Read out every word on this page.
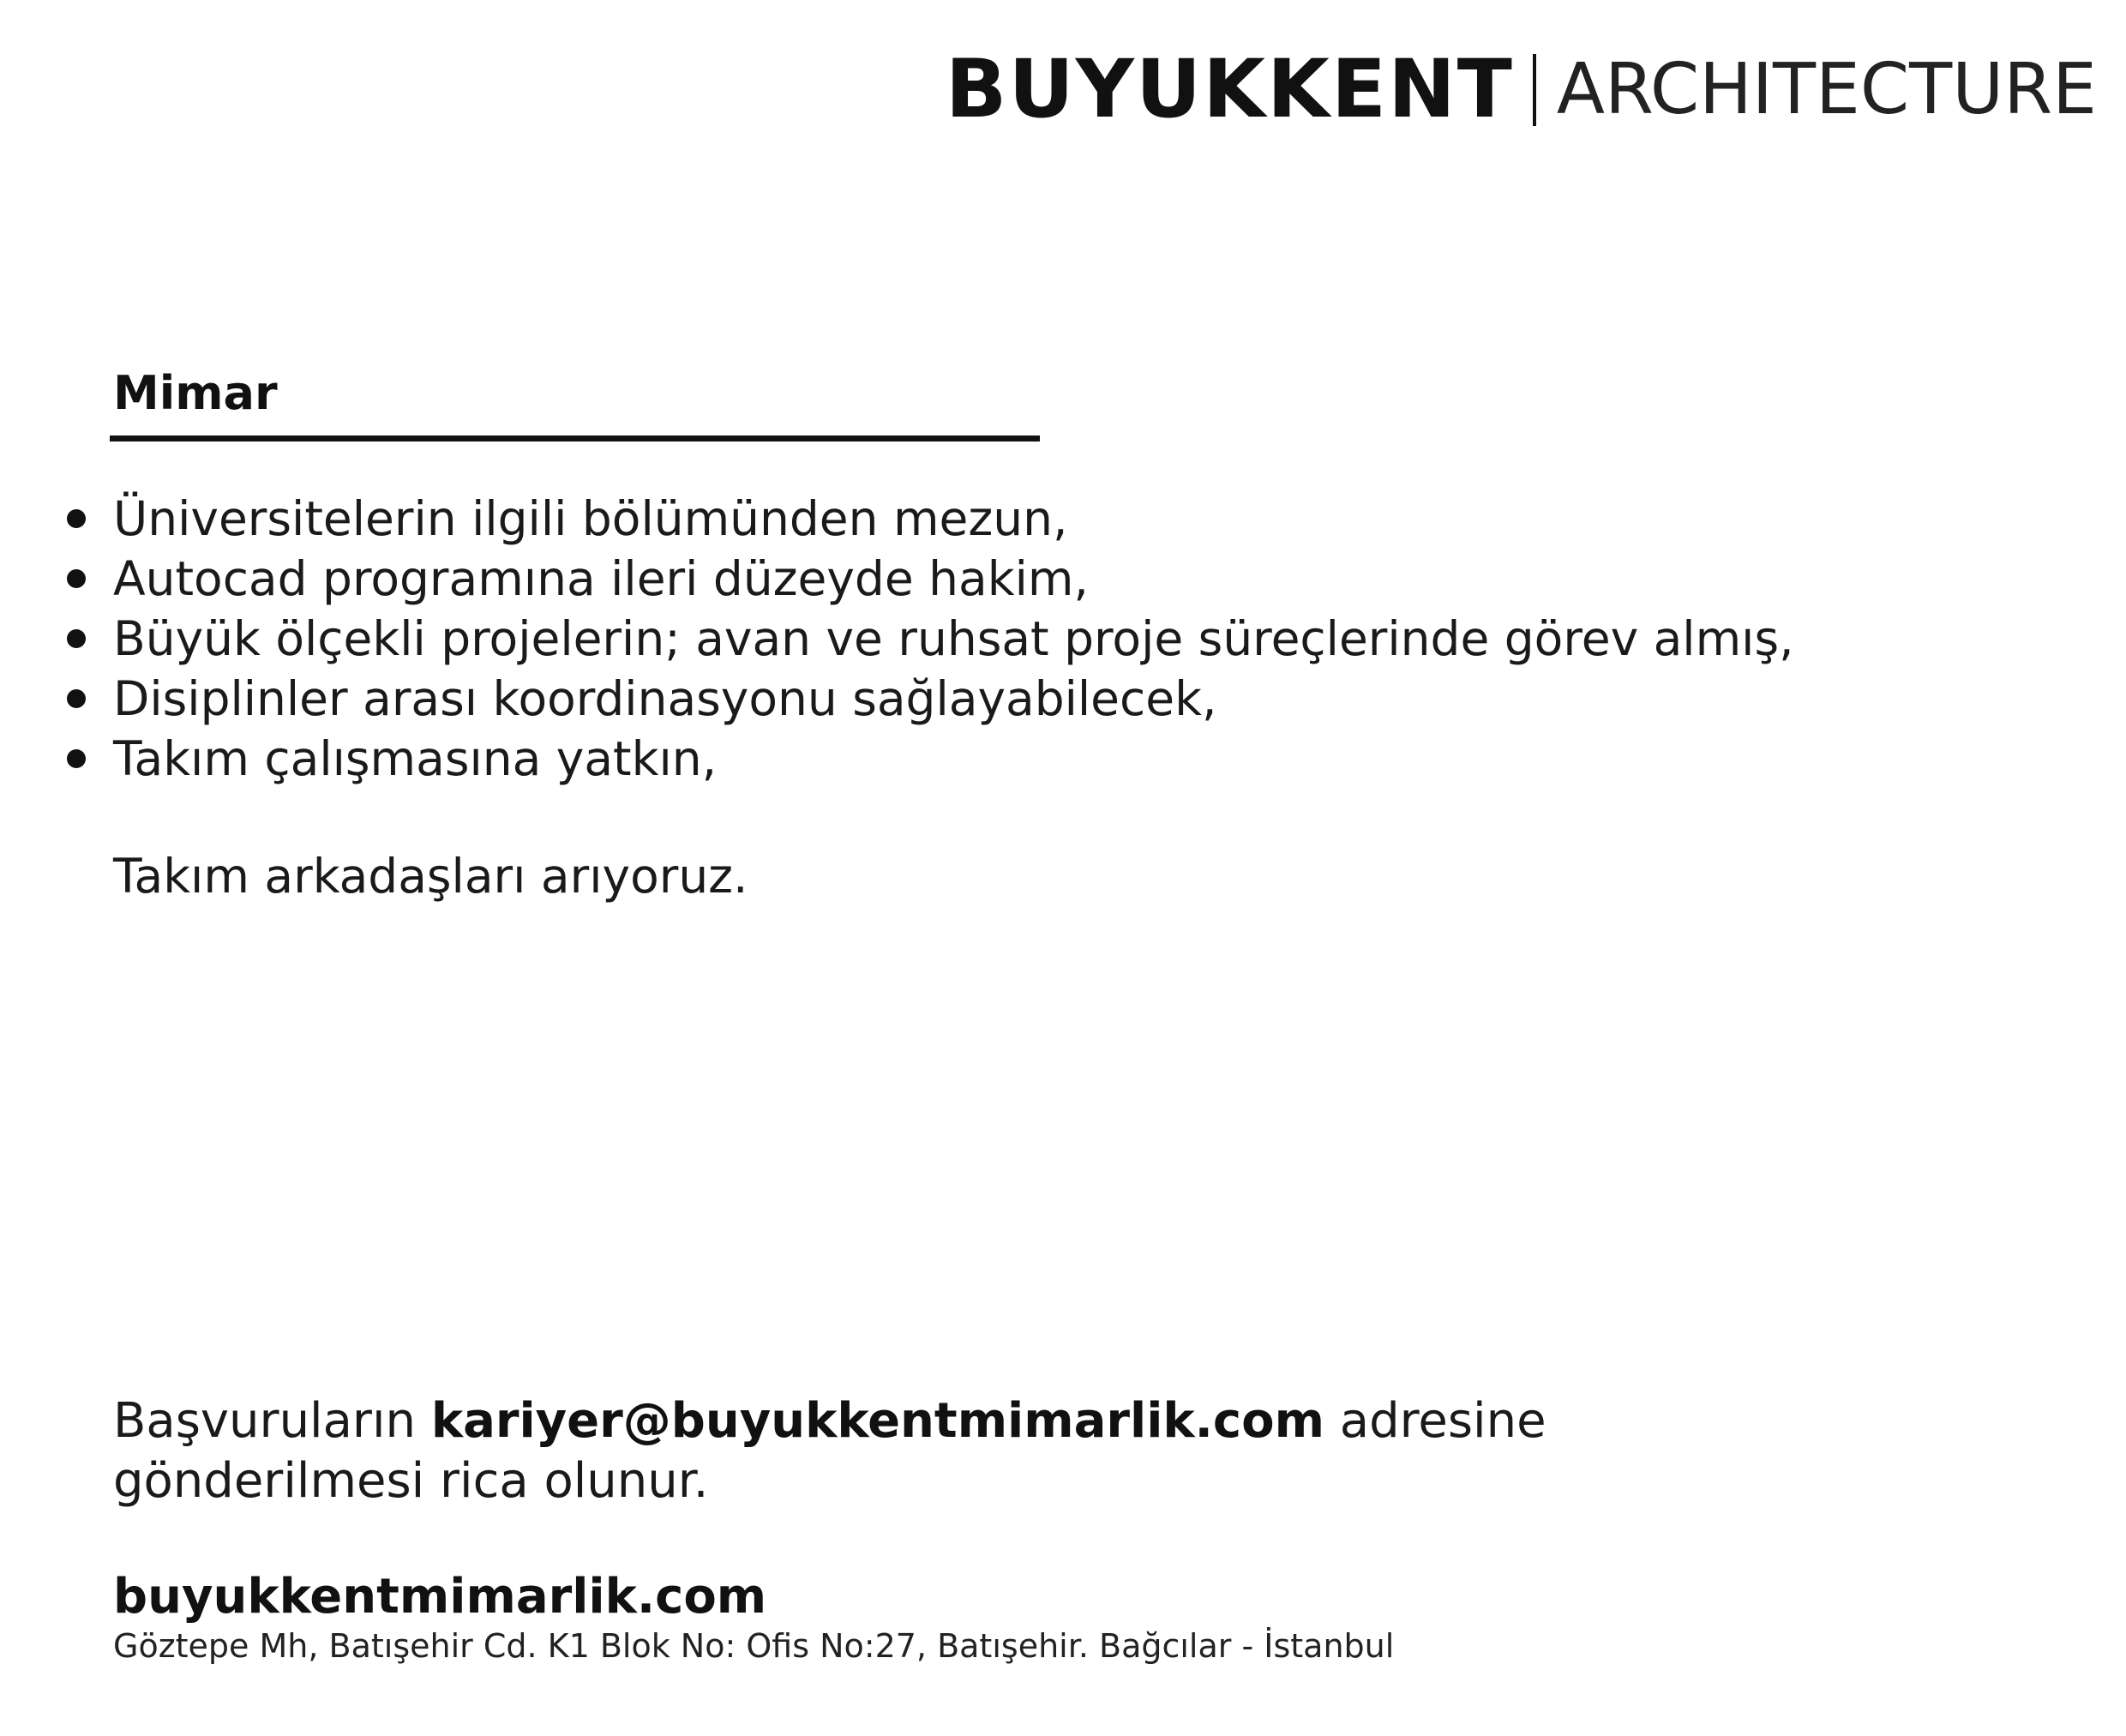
BUYUKKENT ARCHITECTURE
Mimar
Üniversitelerin ilgili bölümünden mezun,
Autocad programına ileri düzeyde hakim,
Büyük ölçekli projelerin; avan ve ruhsat proje süreçlerinde görev almış,
Disiplinler arası koordinasyonu sağlayabilecek,
Takım çalışmasına yatkın,
Takım arkadaşları arıyoruz.
Başvuruların kariyer@buyukkentmimarlik.com adresine
gönderilmesi rica olunur.
buyukkentmimarlik.com
Göztepe Mh, Batışehir Cd. K1 Blok No: Ofis No:27, Batışehir. Bağcılar - İstanbul
